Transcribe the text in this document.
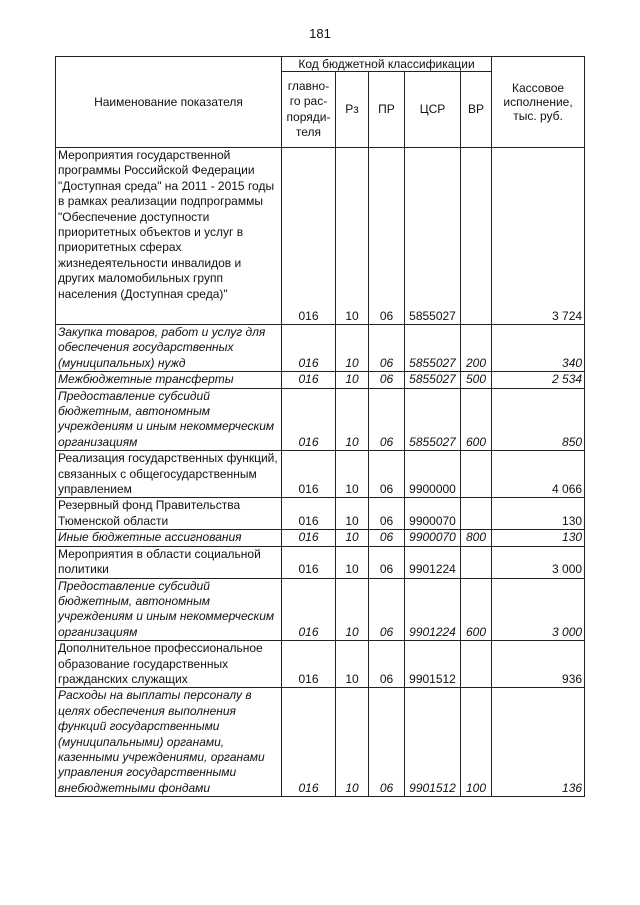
181
Наименование показателя	Код бюджетной классификации					Кассовое исполнение, тыс. руб.
	главно-го рас-поряди-теля	Рз	ПР	ЦСР	ВР	
Мероприятия государственной программы Российской Федерации "Доступная среда" на 2011 - 2015 годы в рамках реализации подпрограммы "Обеспечение доступности приоритетных объектов и услуг в приоритетных сферах жизнедеятельности инвалидов и других маломобильных групп населения (Доступная среда)"	016	10	06	5855027		3 724
Закупка товаров, работ и услуг для обеспечения государственных (муниципальных) нужд	016	10	06	5855027	200	340
Межбюджетные трансферты	016	10	06	5855027	500	2 534
Предоставление субсидий бюджетным, автономным учреждениям и иным некоммерческим организациям	016	10	06	5855027	600	850
Реализация государственных функций, связанных с общегосударственным управлением	016	10	06	9900000		4 066
Резервный фонд Правительства Тюменской области	016	10	06	9900070		130
Иные бюджетные ассигнования	016	10	06	9900070	800	130
Мероприятия в области социальной политики	016	10	06	9901224		3 000
Предоставление субсидий бюджетным, автономным учреждениям и иным некоммерческим организациям	016	10	06	9901224	600	3 000
Дополнительное профессиональное образование государственных гражданских служащих	016	10	06	9901512		936
Расходы на выплаты персоналу в целях обеспечения выполнения функций государственными (муниципальными) органами, казенными учреждениями, органами управления государственными внебюджетными фондами	016	10	06	9901512	100	136
